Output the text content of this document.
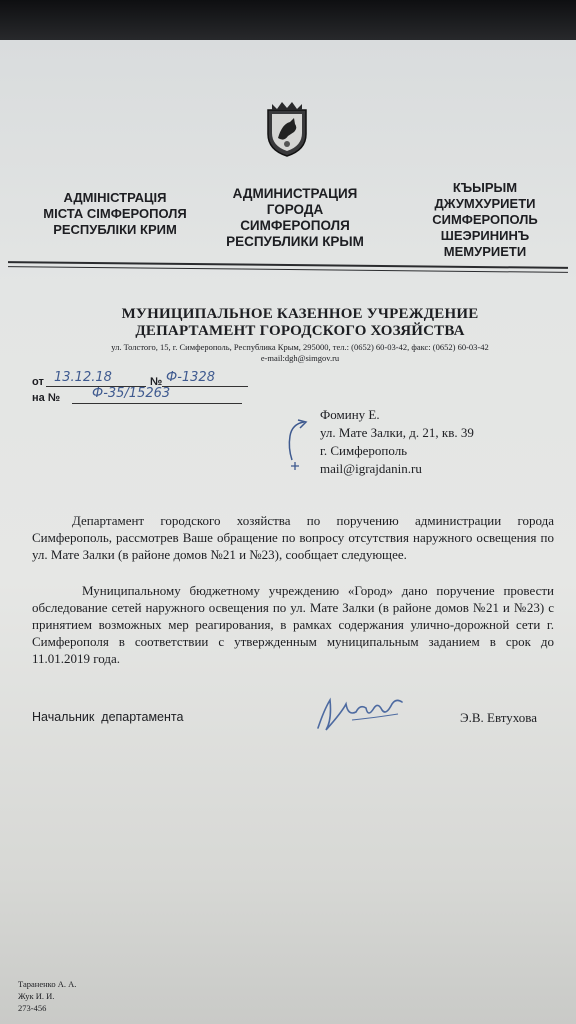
АДМІНІСТРАЦІЯ
МІСТА СІМФЕРОПОЛЯ
РЕСПУБЛІКИ КРИМ
АДМИНИСТРАЦИЯ
ГОРОДА
СИМФЕРОПОЛЯ
РЕСПУБЛИКИ КРЫМ
КЪЫРЫМ
ДЖУМХУРИЕТИ
СИМФЕРОПОЛЬ
ШЕЭРИНИНЪ
МЕМУРИЕТИ
МУНИЦИПАЛЬНОЕ КАЗЕННОЕ УЧРЕЖДЕНИЕ
ДЕПАРТАМЕНТ ГОРОДСКОГО ХОЗЯЙСТВА
ул. Толстого, 15, г. Симферополь, Республика Крым, 295000, тел.: (0652) 60-03-42, факс: (0652) 60-03-42
e-mail:dgh@simgov.ru
от 13.12.18	№ Ф-1328
на № Ф-35/15263
Фомину Е.
ул. Мате Залки, д. 21, кв. 39
г. Симферополь
mail@igrajdanin.ru
Департамент городского хозяйства по поручению администрации города Симферополь, рассмотрев Ваше обращение по вопросу отсутствия наружного освещения по ул. Мате Залки (в районе домов №21 и №23), сообщает следующее.
Муниципальному бюджетному учреждению «Город» дано поручение провести обследование сетей наружного освещения по ул. Мате Залки (в районе домов №21 и №23) с принятием возможных мер реагирования, в рамках содержания улично-дорожной сети г. Симферополя в соответствии с утвержденным муниципальным заданием в срок до 11.01.2019 года.
Начальник  департамента	Э.В. Евтухова
Тараненко А. А.
Жук И. И.
273-456
